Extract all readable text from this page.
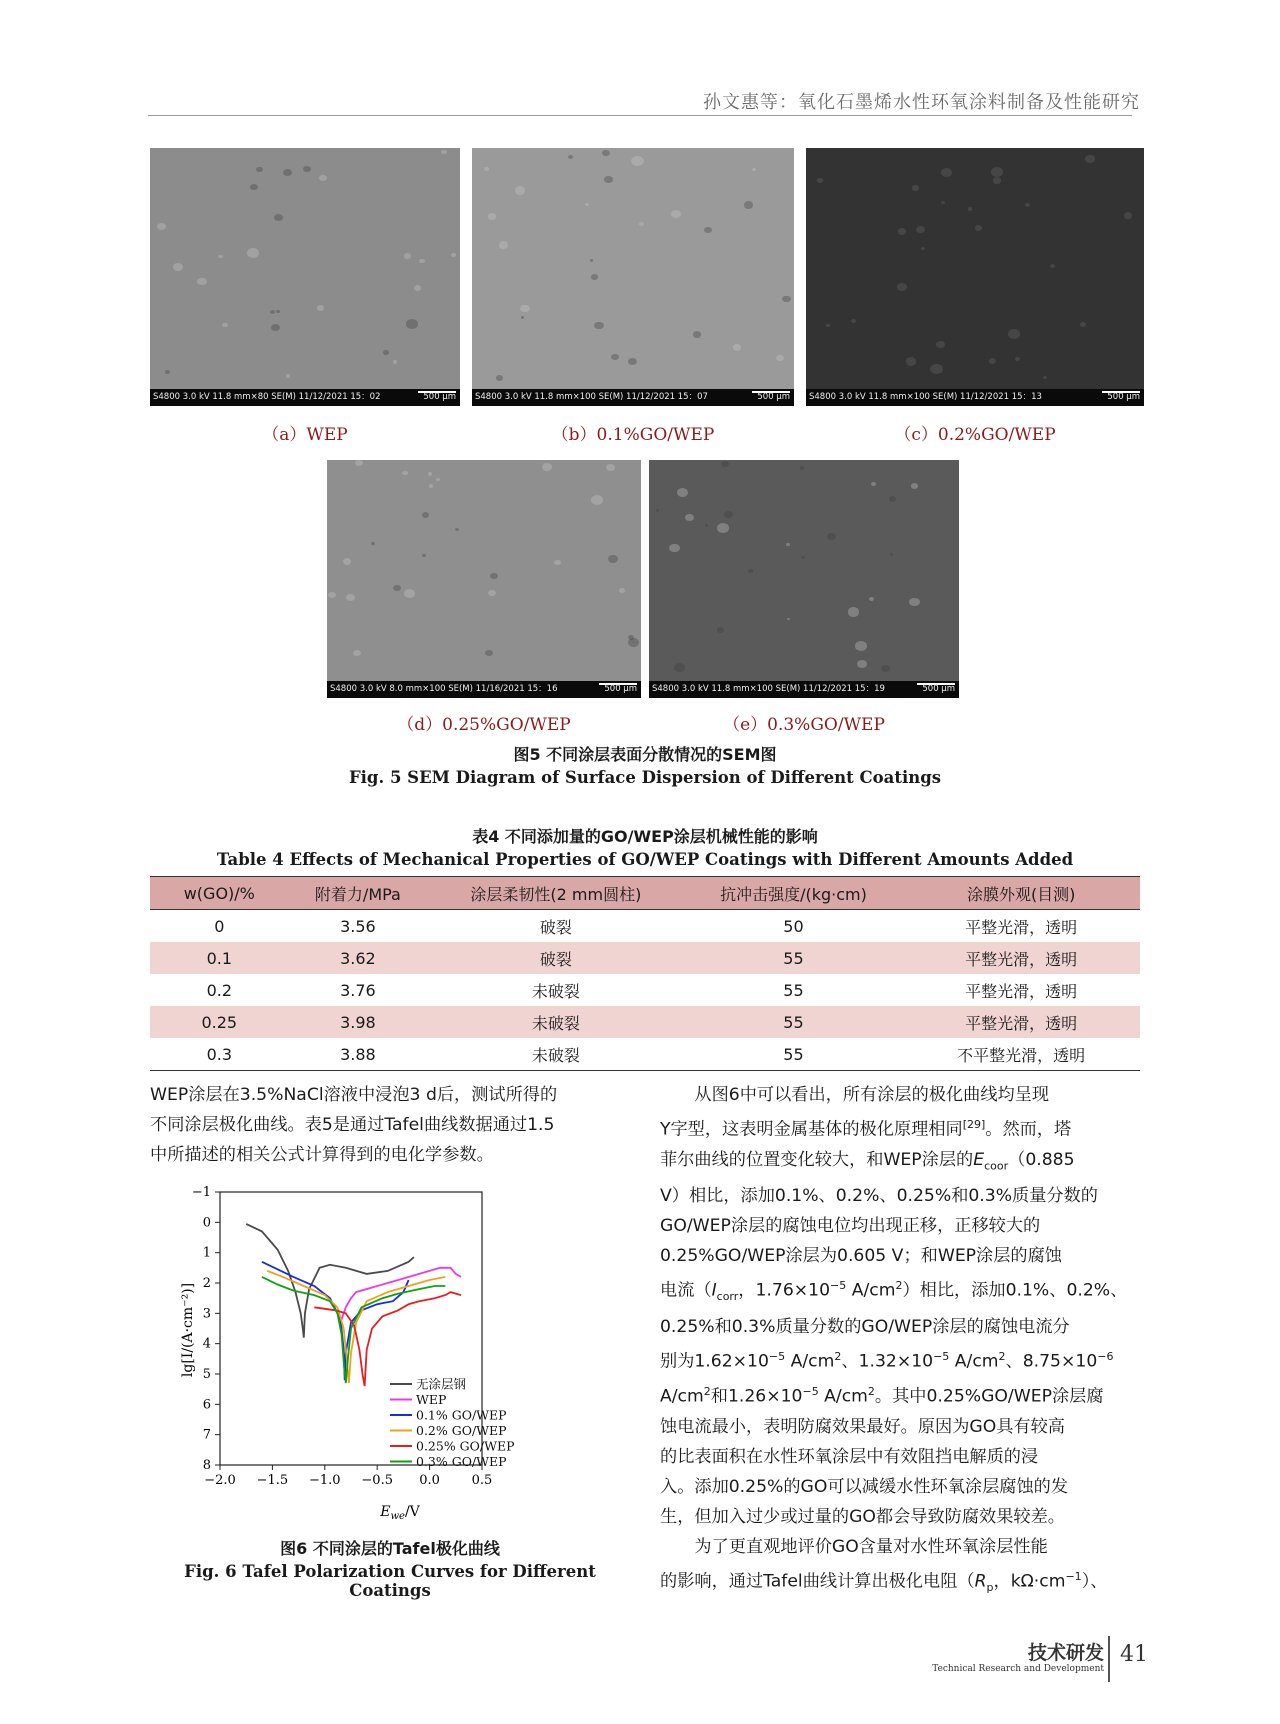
孙文惠等：氧化石墨烯水性环氧涂料制备及性能研究
S4800 3.0 kV 11.8 mm×80 SE(M) 11/12/2021 15：02	500 μm	S4800 3.0 kV 11.8 mm×100 SE(M) 11/12/2021 15：07	500 μm	S4800 3.0 kV 11.8 mm×100 SE(M) 11/12/2021 15：13	500 μm
（a）WEP	（b）0.1%GO/WEP	（c）0.2%GO/WEP
S4800 3.0 kV 8.0 mm×100 SE(M) 11/16/2021 15：16	500 μm	S4800 3.0 kV 11.8 mm×100 SE(M) 11/12/2021 15：19	500 μm
（d）0.25%GO/WEP	（e）0.3%GO/WEP
图5 不同涂层表面分散情况的SEM图
Fig. 5 SEM Diagram of Surface Dispersion of Different Coatings
表4 不同添加量的GO/WEP涂层机械性能的影响
Table 4 Effects of Mechanical Properties of GO/WEP Coatings with Different Amounts Added
w(GO)/%	附着力/MPa	涂层柔韧性(2 mm圆柱)	抗冲击强度/(kg·cm)	涂膜外观(目测)
0	3.56	破裂	50	平整光滑，透明
0.1	3.62	破裂	55	平整光滑，透明
0.2	3.76	未破裂	55	平整光滑，透明
0.25	3.98	未破裂	55	平整光滑，透明
0.3	3.88	未破裂	55	不平整光滑，透明
WEP涂层在3.5%NaCl溶液中浸泡3 d后，测试所得的
不同涂层极化曲线。表5是通过Tafel曲线数据通过1.5
中所描述的相关公式计算得到的电化学参数。
−2.0 −1.5 −1.0 −0.5 0.0 0.5
−1
0
1
2
3
4
5
6
7
8
无涂层钢
WEP
0.1% GO/WEP
0.2% GO/WEP
0.25% GO/WEP
0.3% GO/WEP
$E_{we}/V$
lg[I/(A·cm⁻²)]
图6 不同涂层的Tafel极化曲线
Fig. 6 Tafel Polarization Curves for Different Coatings
从图6中可以看出，所有涂层的极化曲线均呈现
Y字型，这表明金属基体的极化原理相同[29]。然而，塔
菲尔曲线的位置变化较大，和WEP涂层的$E_{coor}(0.885$
V）相比，添加0.1%、0.2%、0.25%和0.3%质量分数的
GO/WEP涂层的腐蚀电位均出现正移，正移较大的
0.25%GO/WEP涂层为0.605 V；和WEP涂层的腐蚀
电流（$I_{corr}$，$1.76\times 10^{-5}$ $A/cm^2$）相比，添加0.1%、0.2%、
0.25%和0.3%质量分数的GO/WEP涂层的腐蚀电流分
别为$1.62\times 10^{-5}$ $A/cm^2$、$1.32\times 10^{-5}$ $A/cm^2$、$8.75\times 10^{-6}$
$A/cm^2$和$1.26\times 10^{-5}$ $A/cm^2$。其中0.25%GO/WEP涂层腐
蚀电流最小，表明防腐效果最好。原因为GO具有较高
的比表面积在水性环氧涂层中有效阻挡电解质的浸
入。添加0.25%的GO可以减缓水性环氧涂层腐蚀的发
生，但加入过少或过量的GO都会导致防腐效果较差。
为了更直观地评价GO含量对水性环氧涂层性能
的影响，通过Tafel曲线计算出极化电阻（$R_p$，$k\Omega\cdot cm^{-1}$）、
技术研发
Technical Research and Development
41
